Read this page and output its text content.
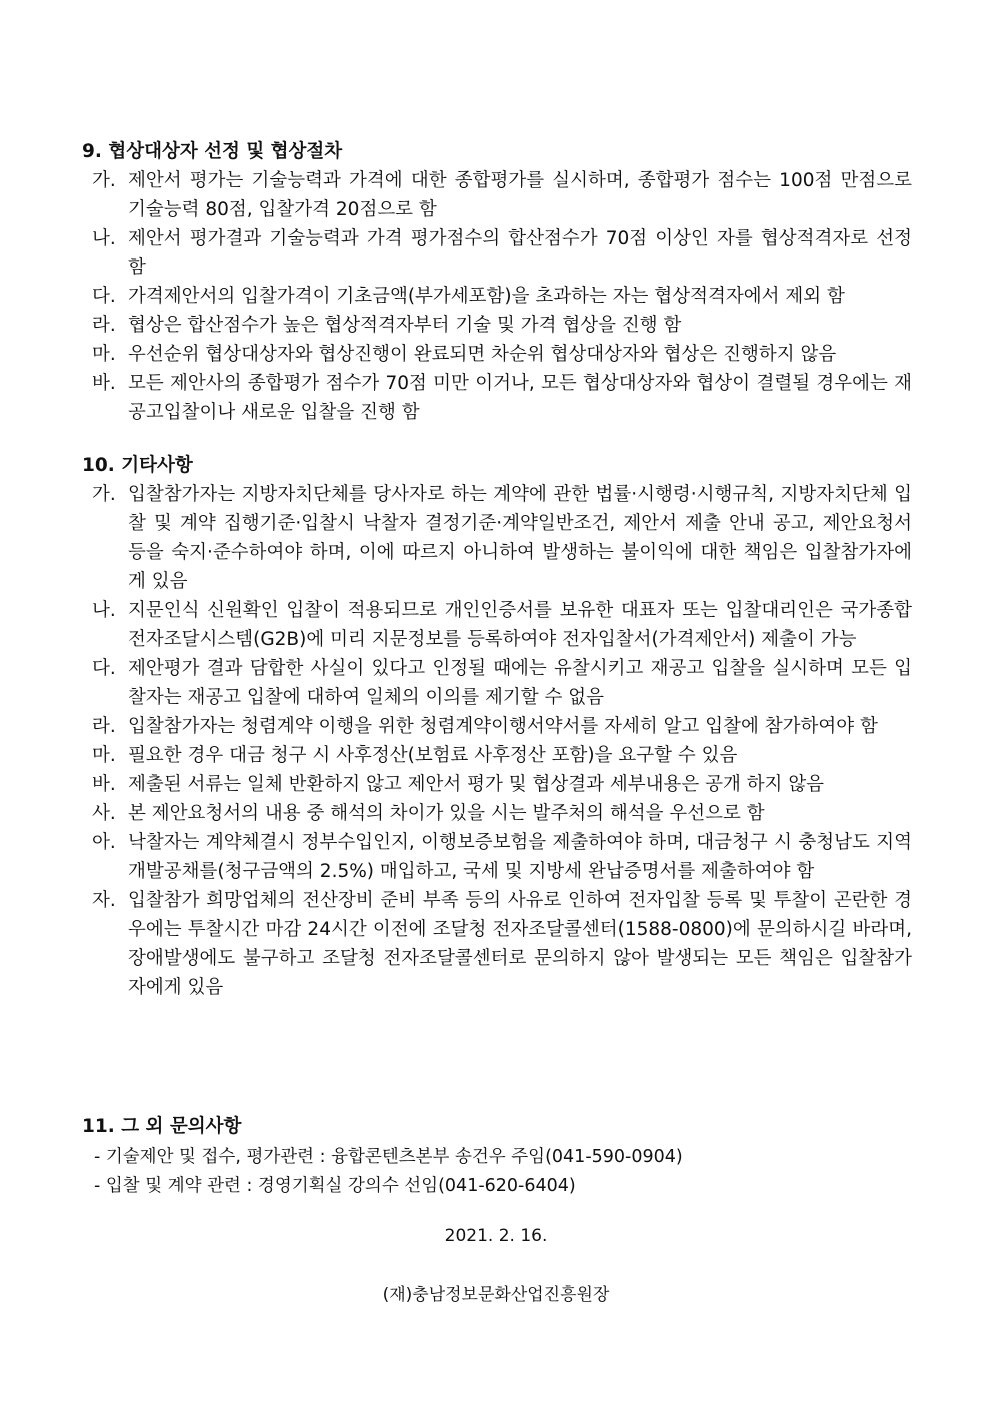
9. 협상대상자 선정 및 협상절차

가. 제안서 평가는 기술능력과 가격에 대한 종합평가를 실시하며, 종합평가 점수는 100점 만점으로 기술능력 80점, 입찰가격 20점으로 함
나. 제안서 평가결과 기술능력과 가격 평가점수의 합산점수가 70점 이상인 자를 협상적격자로 선정 함
다. 가격제안서의 입찰가격이 기초금액(부가세포함)을 초과하는 자는 협상적격자에서 제외 함
라. 협상은 합산점수가 높은 협상적격자부터 기술 및 가격 협상을 진행 함
마. 우선순위 협상대상자와 협상진행이 완료되면 차순위 협상대상자와 협상은 진행하지 않음
바. 모든 제안사의 종합평가 점수가 70점 미만 이거나, 모든 협상대상자와 협상이 결렬될 경우에는 재공고입찰이나 새로운 입찰을 진행 함

10. 기타사항

가. 입찰참가자는 지방자치단체를 당사자로 하는 계약에 관한 법률·시행령·시행규칙, 지방자치단체 입찰 및 계약 집행기준·입찰시 낙찰자 결정기준·계약일반조건, 제안서 제출 안내 공고, 제안요청서 등을 숙지·준수하여야 하며, 이에 따르지 아니하여 발생하는 불이익에 대한 책임은 입찰참가자에게 있음
나. 지문인식 신원확인 입찰이 적용되므로 개인인증서를 보유한 대표자 또는 입찰대리인은 국가종합전자조달시스템(G2B)에 미리 지문정보를 등록하여야 전자입찰서(가격제안서) 제출이 가능
다. 제안평가 결과 담합한 사실이 있다고 인정될 때에는 유찰시키고 재공고 입찰을 실시하며 모든 입찰자는 재공고 입찰에 대하여 일체의 이의를 제기할 수 없음
라. 입찰참가자는 청렴계약 이행을 위한 청렴계약이행서약서를 자세히 알고 입찰에 참가하여야 함
마. 필요한 경우 대금 청구 시 사후정산(보험료 사후정산 포함)을 요구할 수 있음
바. 제출된 서류는 일체 반환하지 않고 제안서 평가 및 협상결과 세부내용은 공개 하지 않음
사. 본 제안요청서의 내용 중 해석의 차이가 있을 시는 발주처의 해석을 우선으로 함
아. 낙찰자는 계약체결시 정부수입인지, 이행보증보험을 제출하여야 하며, 대금청구 시 충청남도 지역개발공채를(청구금액의 2.5%) 매입하고, 국세 및 지방세 완납증명서를 제출하여야 함
자. 입찰참가 희망업체의 전산장비 준비 부족 등의 사유로 인하여 전자입찰 등록 및 투찰이 곤란한 경우에는 투찰시간 마감 24시간 이전에 조달청 전자조달콜센터(1588-0800)에 문의하시길 바라며, 장애발생에도 불구하고 조달청 전자조달콜센터로 문의하지 않아 발생되는 모든 책임은 입찰참가자에게 있음

11. 그 외 문의사항

- 기술제안 및 접수, 평가관련 : 융합콘텐츠본부 송건우 주임(041-590-0904)
- 입찰 및 계약 관련 : 경영기획실 강의수 선임(041-620-6404)
2021. 2. 16.
(재)충남정보문화산업진흥원장
